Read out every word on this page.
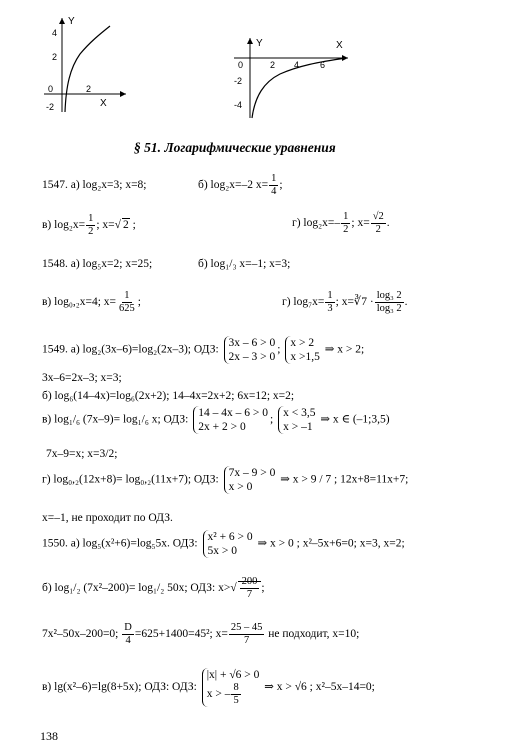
Y
X
4
2
0
-2
2
Y	X
0
-2
-4
2 4 6
§ 51. Логарифмические уравнения
1547. а) log₂x=3; x=8;	б) log₂x=–2 $x= \frac{1}{4}$ ;
в) $\log_2x= \frac{1}{2}$ ; x=√ 2 ;	г) $\log_2x=- \frac{1}{2}$ ; $x= \frac{√2}{2}$ .
1548. а) log₅x=2; x=25;	б) log₁/₃ x=–1; x=3;
в) log₀,₂x=4; $x= \frac{1}{625}$ ;	г) $\log_7x= \frac{1}{3}$ ; x=∛7 · $\frac{\text{log₃ 2}}{\text{log₃ 2}}$ .
1549. а) log₂(3x–6)=log₂(2x–3); ОДЗ:
3x – 6 > 0
2x – 3 > 0
;
x > 2
x >1,5
⇒ x > 2;
3x–6=2x–3; x=3;
б) log₆(14–4x)=log₆(2x+2); 14–4x=2x+2; 6x=12; x=2;
в) log₁/₆ (7x–9)= log₁/₆ x; ОДЗ:
14 – 4x – 6 > 0
2x + 2 > 0
;
x < 3,5
x > –1
⇒ x ∈ (–1;3,5)
7x–9=x; x=3/2;
г) log₀,₂(12x+8)= log₀,₂(11x+7); ОДЗ:
7x – 9 > 0
x > 0
⇒ x > 9 / 7 ; 12x+8=11x+7;
x=–1, не проходит по ОДЗ.
1550. а) log₅(x²+6)=log₅5x. ОДЗ:
x² + 6 > 0
5x > 0
⇒ x > 0 ; x²–5x+6=0; x=3, x=2;
б) log₁/₂ (7x²–200)= log₁/₂ 50x; ОДЗ: $x>√ \frac{200}{7}$ ;
7x²–50x–200=0; $\frac{D}{4} =625+1400=45^2$; $x= \frac{25 - 45}{7}$ не подходит, x=10;
в) lg(x²–6)=lg(8+5x); ОДЗ: ОДЗ:
|x| + √6 > 0
x > – $\frac{8}{5}$ ⇒ x > √6 ; x²–5x–14=0;
138
